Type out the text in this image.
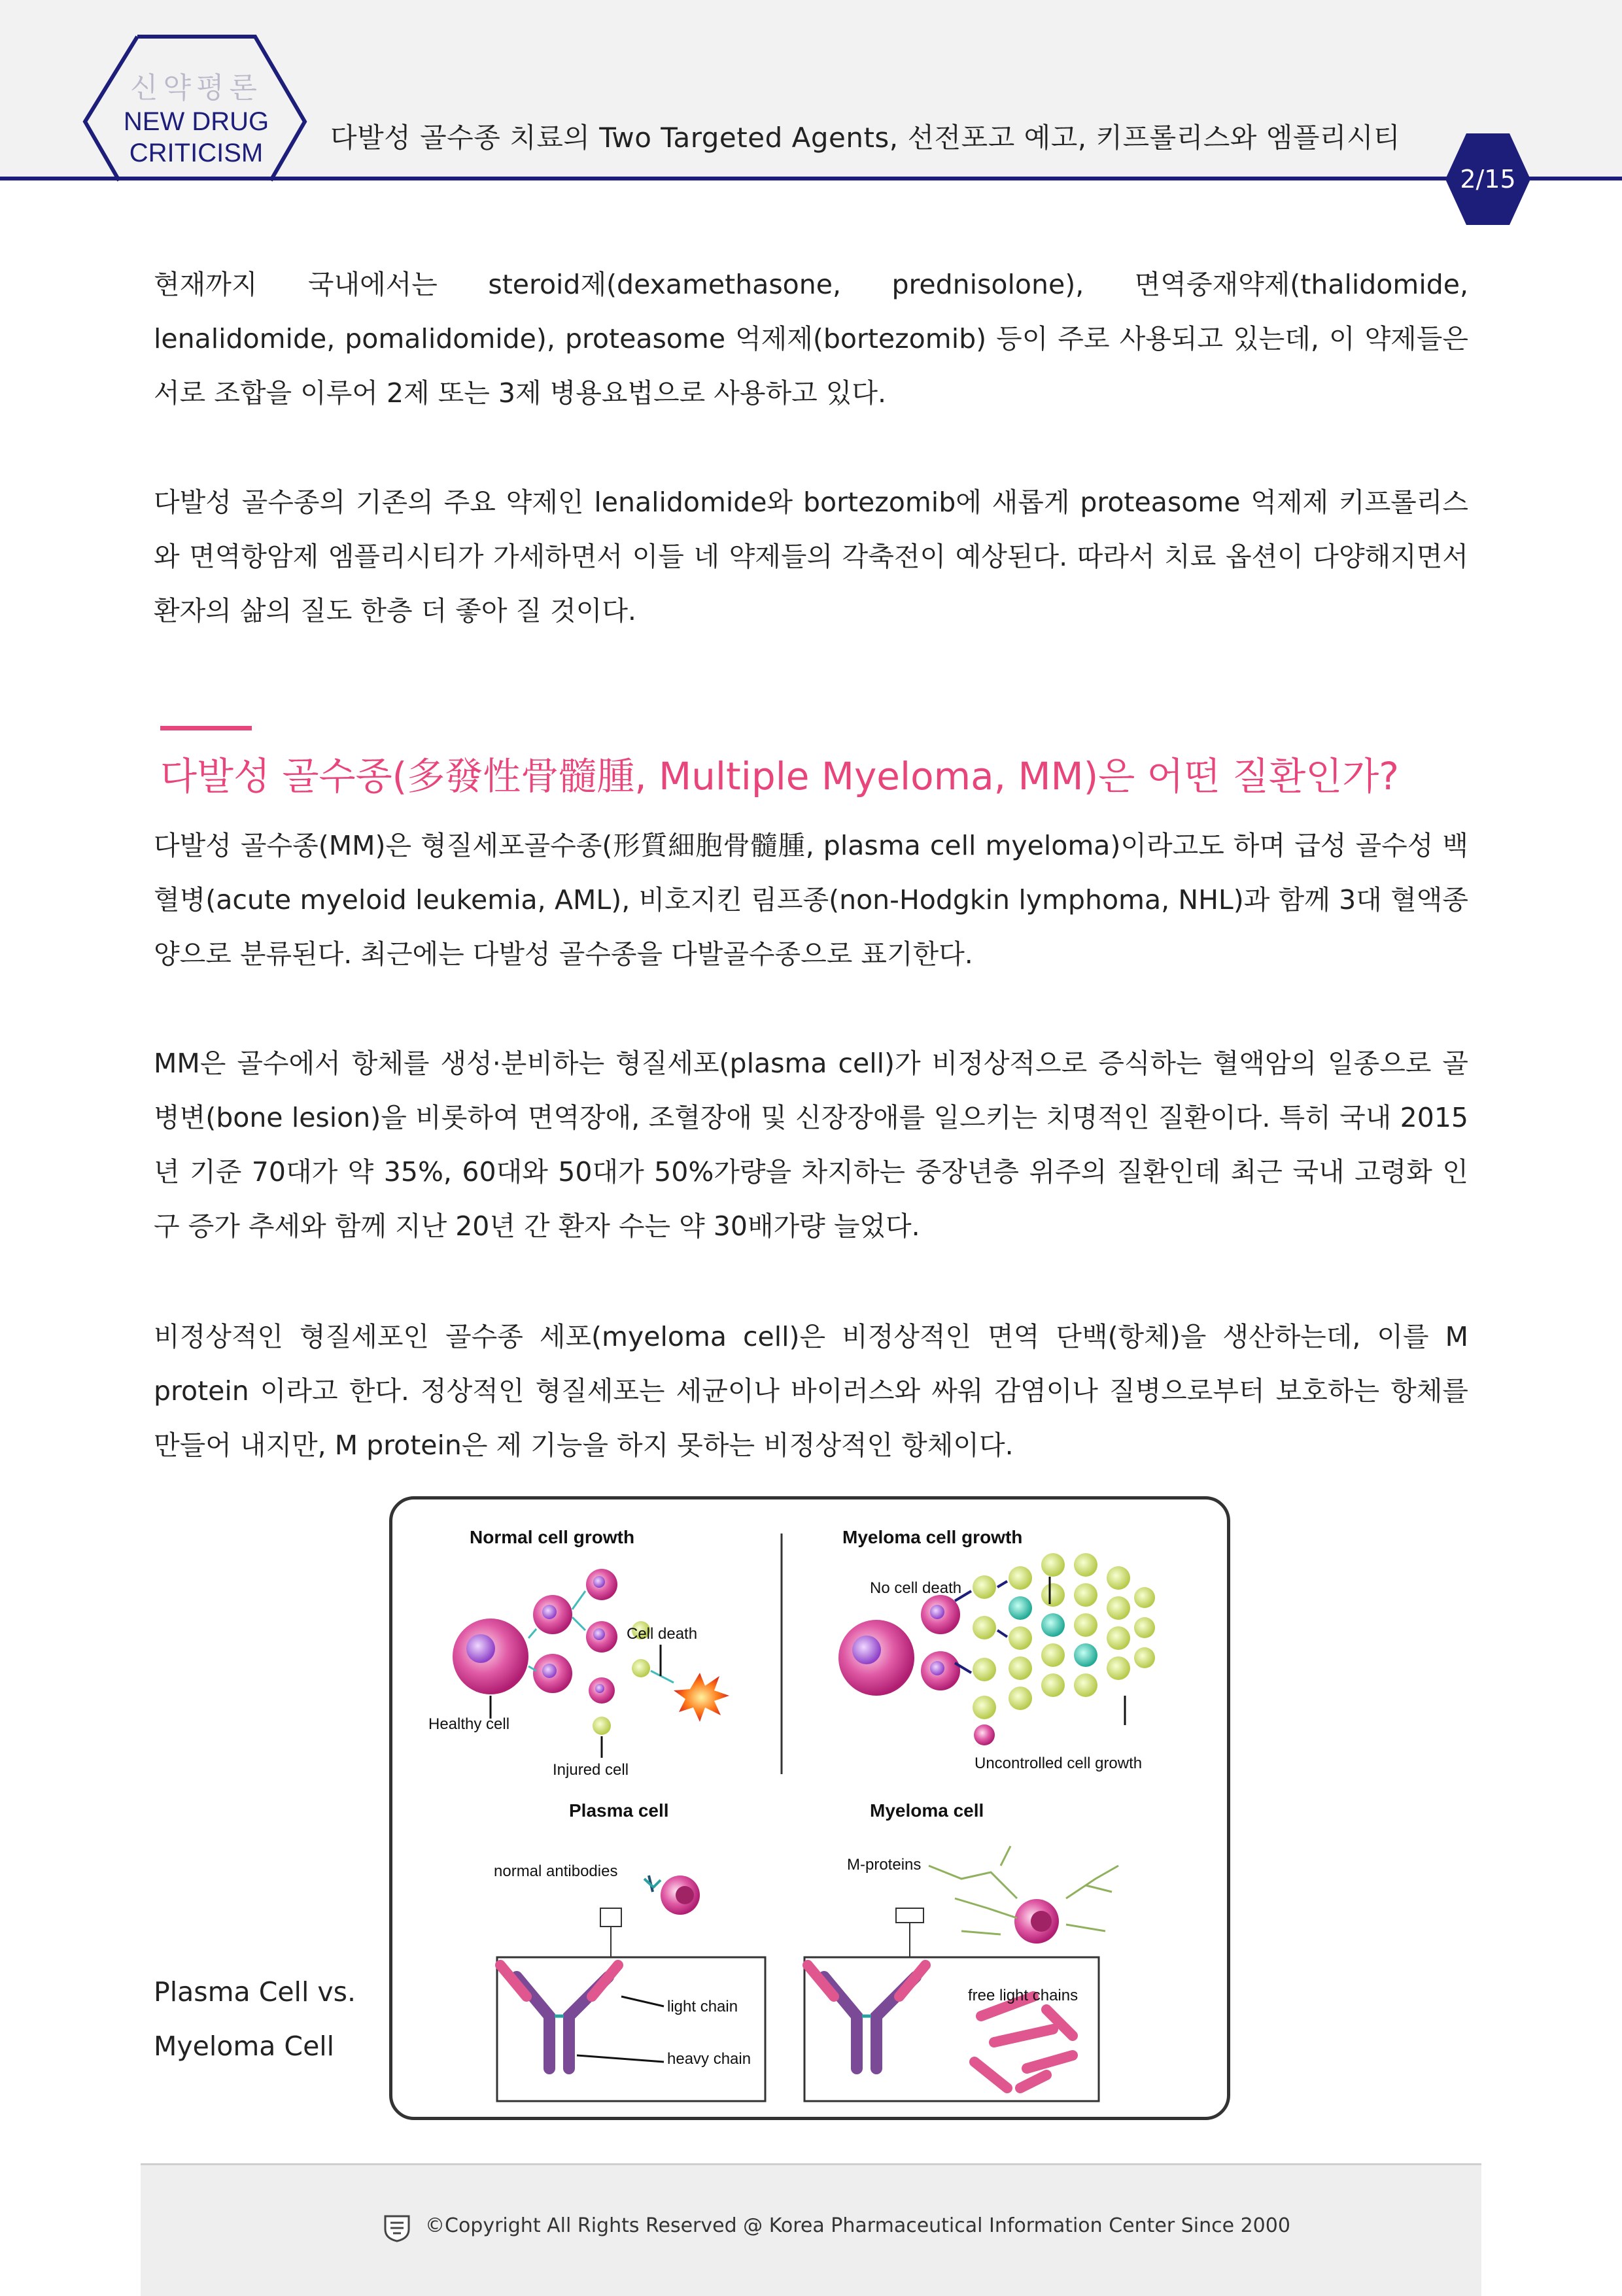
신약평론
NEW DRUG
CRITICISM	다발성 골수종 치료의 Two Targeted Agents, 선전포고 예고, 키프롤리스와 엠플리시티
2/15

현재까지 국내에서는 steroid제(dexamethasone, prednisolone), 면역중재약제(thalidomide, lenalidomide, pomalidomide), proteasome 억제제(bortezomib) 등이 주로 사용되고 있는데, 이 약제들은 서로 조합을 이루어 2제 또는 3제 병용요법으로 사용하고 있다.

다발성 골수종의 기존의 주요 약제인 lenalidomide와 bortezomib에 새롭게 proteasome 억제제 키프롤리스와 면역항암제 엠플리시티가 가세하면서 이들 네 약제들의 각축전이 예상된다. 따라서 치료 옵션이 다양해지면서 환자의 삶의 질도 한층 더 좋아 질 것이다.

다발성 골수종(多發性骨髓腫, Multiple Myeloma, MM)은 어떤 질환인가?

다발성 골수종(MM)은 형질세포골수종(形質細胞骨髓腫, plasma cell myeloma)이라고도 하며 급성 골수성 백혈병(acute myeloid leukemia, AML), 비호지킨 림프종(non-Hodgkin lymphoma, NHL)과 함께 3대 혈액종양으로 분류된다. 최근에는 다발성 골수종을 다발골수종으로 표기한다.

MM은 골수에서 항체를 생성·분비하는 형질세포(plasma cell)가 비정상적으로 증식하는 혈액암의 일종으로 골병변(bone lesion)을 비롯하여 면역장애, 조혈장애 및 신장장애를 일으키는 치명적인 질환이다. 특히 국내 2015년 기준 70대가 약 35%, 60대와 50대가 50%가량을 차지하는 중장년층 위주의 질환인데 최근 국내 고령화 인구 증가 추세와 함께 지난 20년 간 환자 수는 약 30배가량 늘었다.

비정상적인 형질세포인 골수종 세포(myeloma cell)은 비정상적인 면역 단백(항체)을 생산하는데, 이를 M protein 이라고 한다. 정상적인 형질세포는 세균이나 바이러스와 싸워 감염이나 질병으로부터 보호하는 항체를 만들어 내지만, M protein은 제 기능을 하지 못하는 비정상적인 항체이다.

Plasma Cell vs.
Myeloma Cell
Normal cell growth	Myeloma cell growth
Cell death
Healthy cell
Injured cell
No cell death
Uncontrolled cell growth
Plasma cell	Myeloma cell
normal antibodies	M-proteins
light chain
heavy chain
free light chains
©Copyright All Rights Reserved @ Korea Pharmaceutical Information Center Since 2000
